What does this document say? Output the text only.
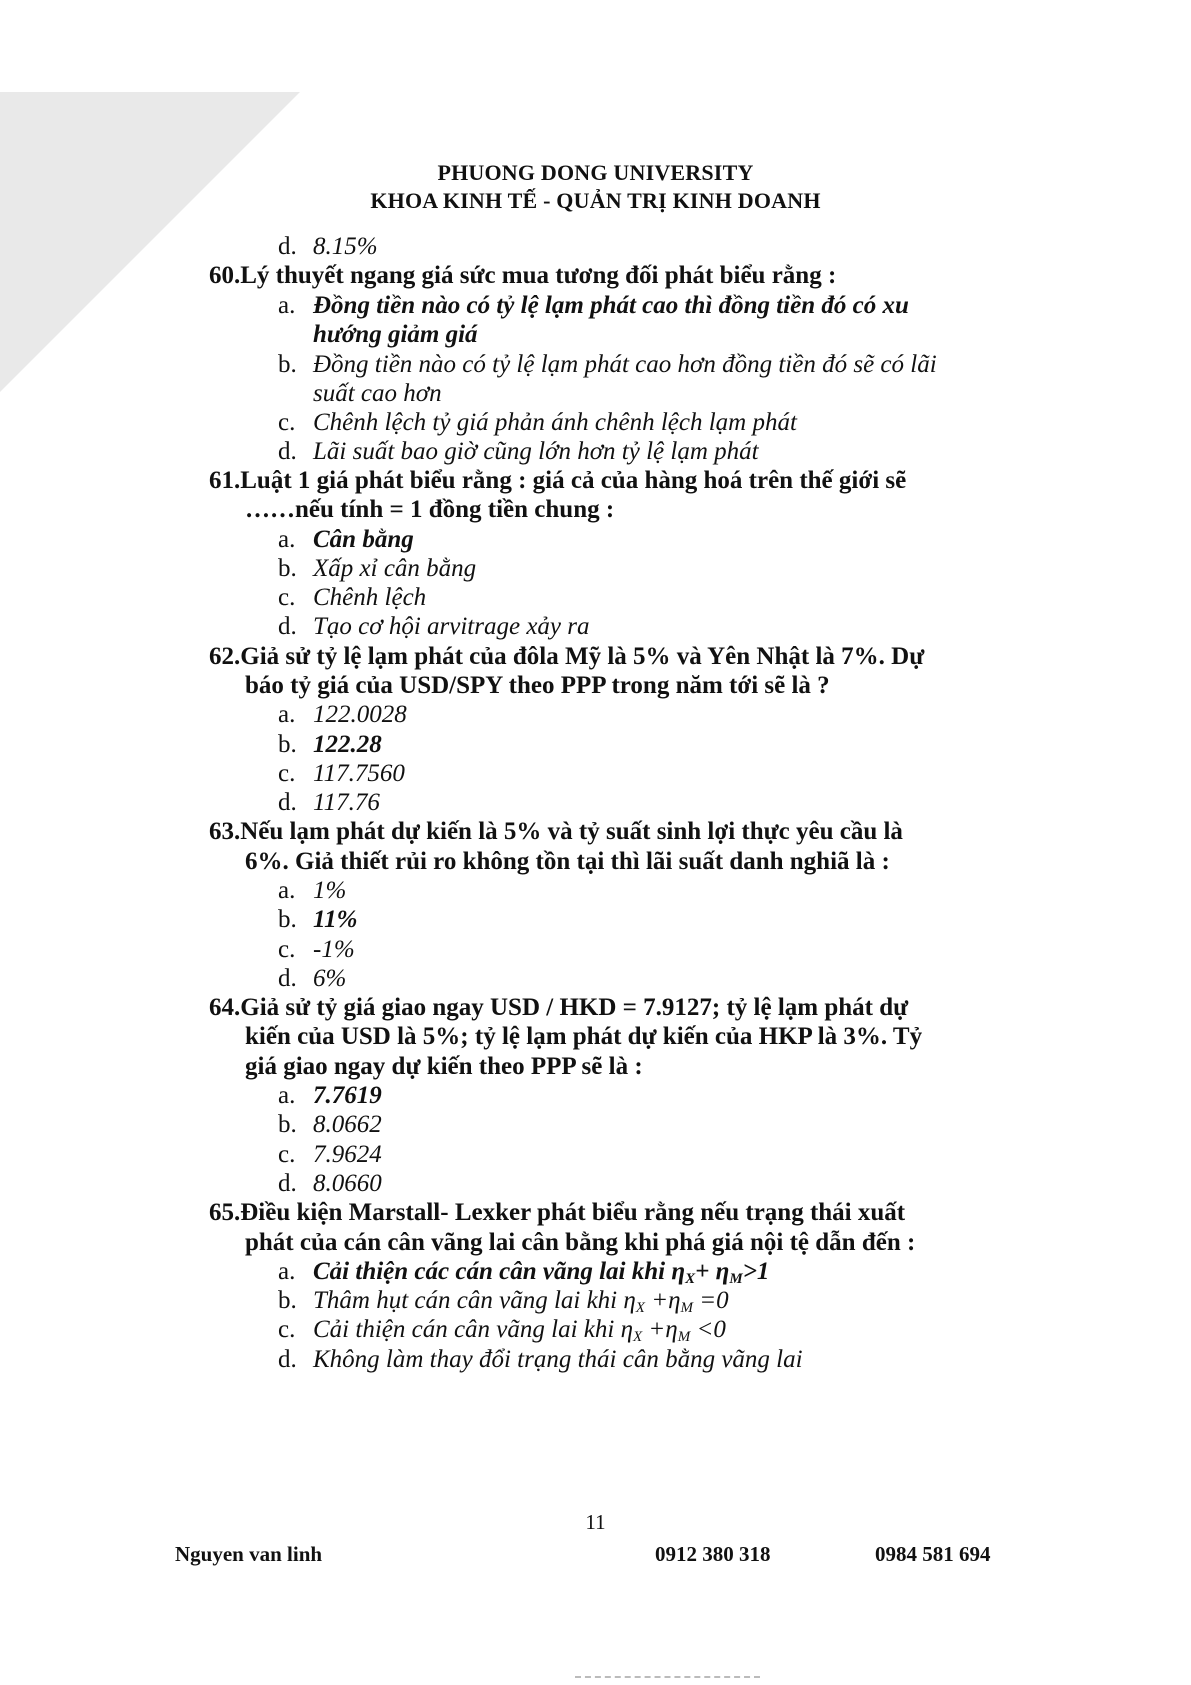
PHUONG DONG UNIVERSITY
KHOA KINH TẾ - QUẢN TRỊ KINH DOANH
d. 8.15%
60.Lý thuyết ngang giá sức mua tương đối phát biểu rằng :
a. Đồng tiền nào có tỷ lệ lạm phát cao thì đồng tiền đó có xu
hướng giảm giá
b. Đồng tiền nào có tỷ lệ lạm phát cao hơn đồng tiền đó sẽ có lãi
suất cao hơn
c. Chênh lệch tỷ giá phản ánh chênh lệch lạm phát
d. Lãi suất bao giờ cũng lớn hơn tỷ lệ lạm phát
61.Luật 1 giá phát biểu rằng : giá cả của hàng hoá trên thế giới sẽ
……nếu tính = 1 đồng tiền chung :
a. Cân bằng
b. Xấp xỉ cân bằng
c. Chênh lệch
d. Tạo cơ hội arvitrage xảy ra
62.Giả sử tỷ lệ lạm phát của đôla Mỹ là 5% và Yên Nhật là 7%. Dự
báo tỷ giá của USD/SPY theo PPP trong năm tới sẽ là ?
a. 122.0028
b. 122.28
c. 117.7560
d. 117.76
63.Nếu lạm phát dự kiến là 5% và tỷ suất sinh lợi thực yêu cầu là
6%. Giả thiết rủi ro không tồn tại thì lãi suất danh nghiã là :
a. 1%
b. 11%
c. -1%
d. 6%
64.Giả sử tỷ giá giao ngay USD / HKD = 7.9127; tỷ lệ lạm phát dự
kiến của USD là 5%; tỷ lệ lạm phát dự kiến của HKP là 3%. Tỷ
giá giao ngay dự kiến theo PPP sẽ là :
a. 7.7619
b. 8.0662
c. 7.9624
d. 8.0660
65.Điều kiện Marstall- Lexker phát biểu rằng nếu trạng thái xuất
phát của cán cân vãng lai cân bằng khi phá giá nội tệ dẫn đến :
a. Cải thiện các cán cân vãng lai khi $\eta_X+ \eta_M>1$
b. Thâm hụt cán cân vãng lai khi $\eta_X +\eta_M =0$
c. Cải thiện cán cân vãng lai khi $\eta_X +\eta_M <0$
d. Không làm thay đổi trạng thái cân bằng vãng lai
11
Nguyen van linh	0912 380 318	0984 581 694
